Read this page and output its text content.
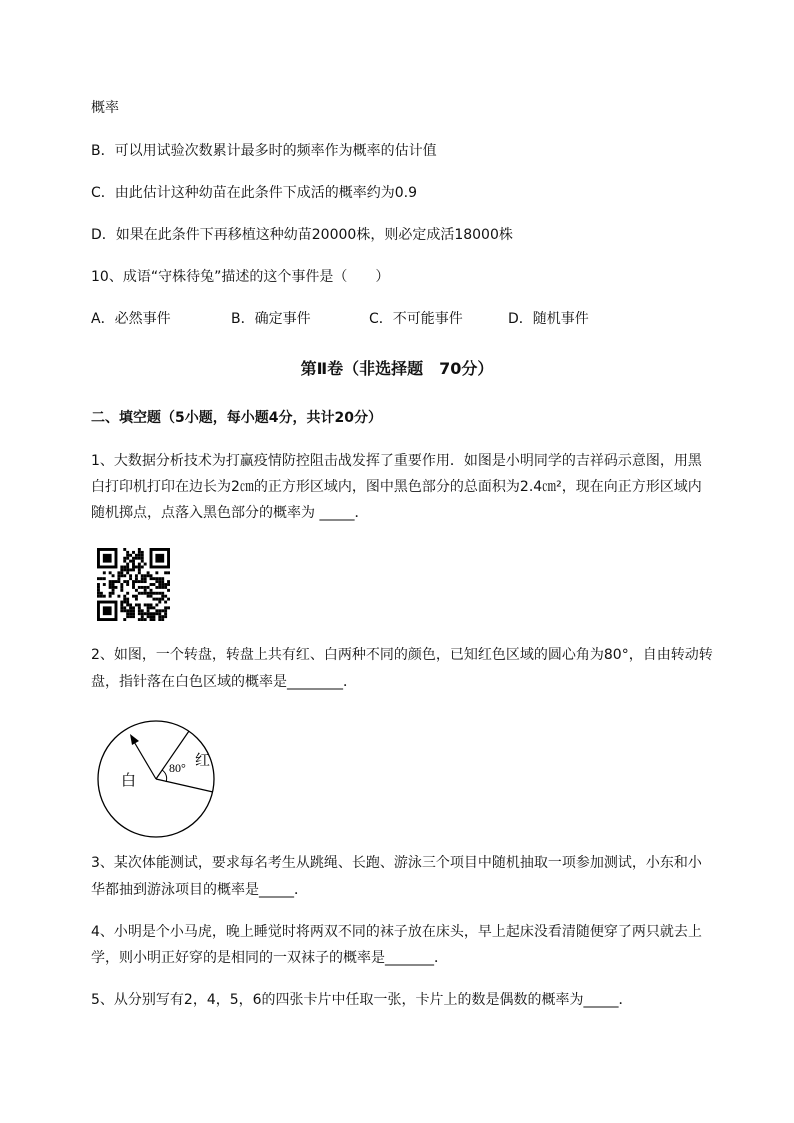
概率
B．可以用试验次数累计最多时的频率作为概率的估计值
C．由此估计这种幼苗在此条件下成活的概率约为0.9
D．如果在此条件下再移植这种幼苗20000株，则必定成活18000株
10、成语“守株待兔”描述的这个事件是（　　）
A．必然事件	B．确定事件	C．不可能事件	D．随机事件
第Ⅱ卷（非选择题　70分）
二、填空题（5小题，每小题4分，共计20分）
1、大数据分析技术为打赢疫情防控阻击战发挥了重要作用．如图是小明同学的吉祥码示意图，用黑
白打印机打印在边长为2㎝的正方形区域内，图中黑色部分的总面积为2.4㎝²，现在向正方形区域内
随机掷点，点落入黑色部分的概率为 _____．
2、如图，一个转盘，转盘上共有红、白两种不同的颜色，已知红色区域的圆心角为80°，自由转动转
盘，指针落在白色区域的概率是________．
80° 红
白
3、某次体能测试，要求每名考生从跳绳、长跑、游泳三个项目中随机抽取一项参加测试，小东和小
华都抽到游泳项目的概率是_____．
4、小明是个小马虎，晚上睡觉时将两双不同的袜子放在床头，早上起床没看清随便穿了两只就去上
学，则小明正好穿的是相同的一双袜子的概率是_______．
5、从分别写有2，4，5，6的四张卡片中任取一张，卡片上的数是偶数的概率为_____．
